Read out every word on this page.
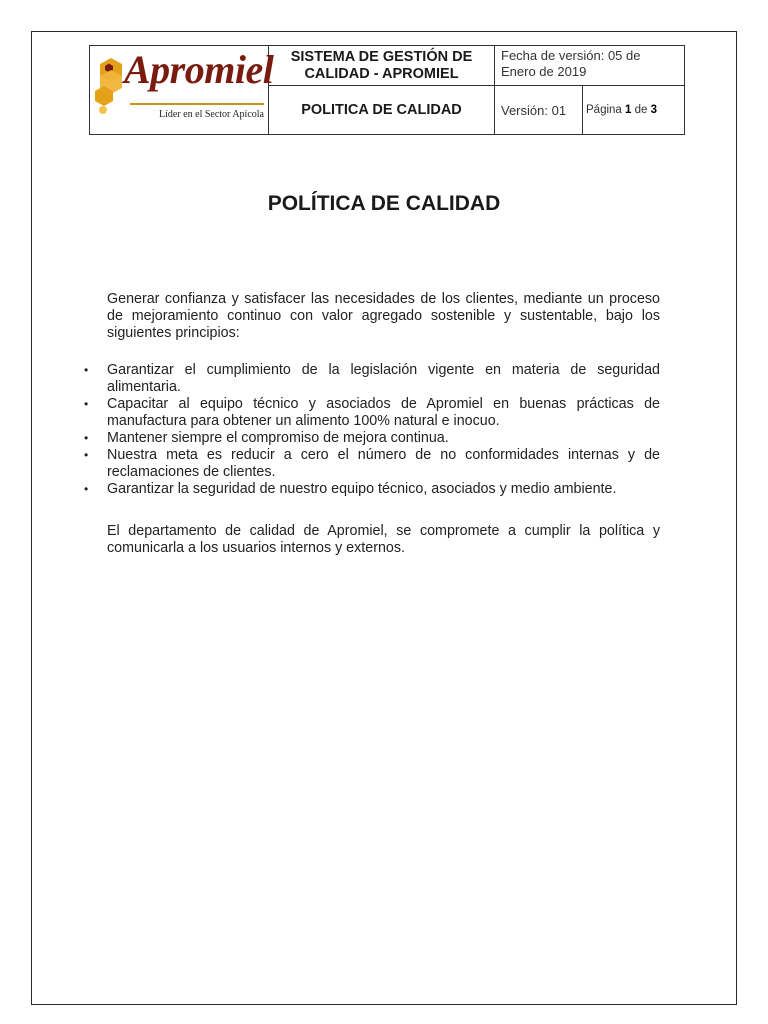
Apromiel
Líder en el Sector Apícola	SISTEMA DE GESTIÓN DE CALIDAD - APROMIEL	Fecha de versión: 05 de Enero de 2019	
	POLITICA DE CALIDAD	Versión: 01	Página 1 de 3
POLÍTICA DE CALIDAD

Generar confianza y satisfacer las necesidades de los clientes, mediante un proceso de mejoramiento continuo con valor agregado sostenible y sustentable, bajo los siguientes principios:

• Garantizar el cumplimiento de la legislación vigente en materia de seguridad alimentaria.
• Capacitar al equipo técnico y asociados de Apromiel en buenas prácticas de manufactura para obtener un alimento 100% natural e inocuo.
• Mantener siempre el compromiso de mejora continua.
• Nuestra meta es reducir a cero el número de no conformidades internas y de reclamaciones de clientes.
• Garantizar la seguridad de nuestro equipo técnico, asociados y medio ambiente.

El departamento de calidad de Apromiel, se compromete a cumplir la política y comunicarla a los usuarios internos y externos.
